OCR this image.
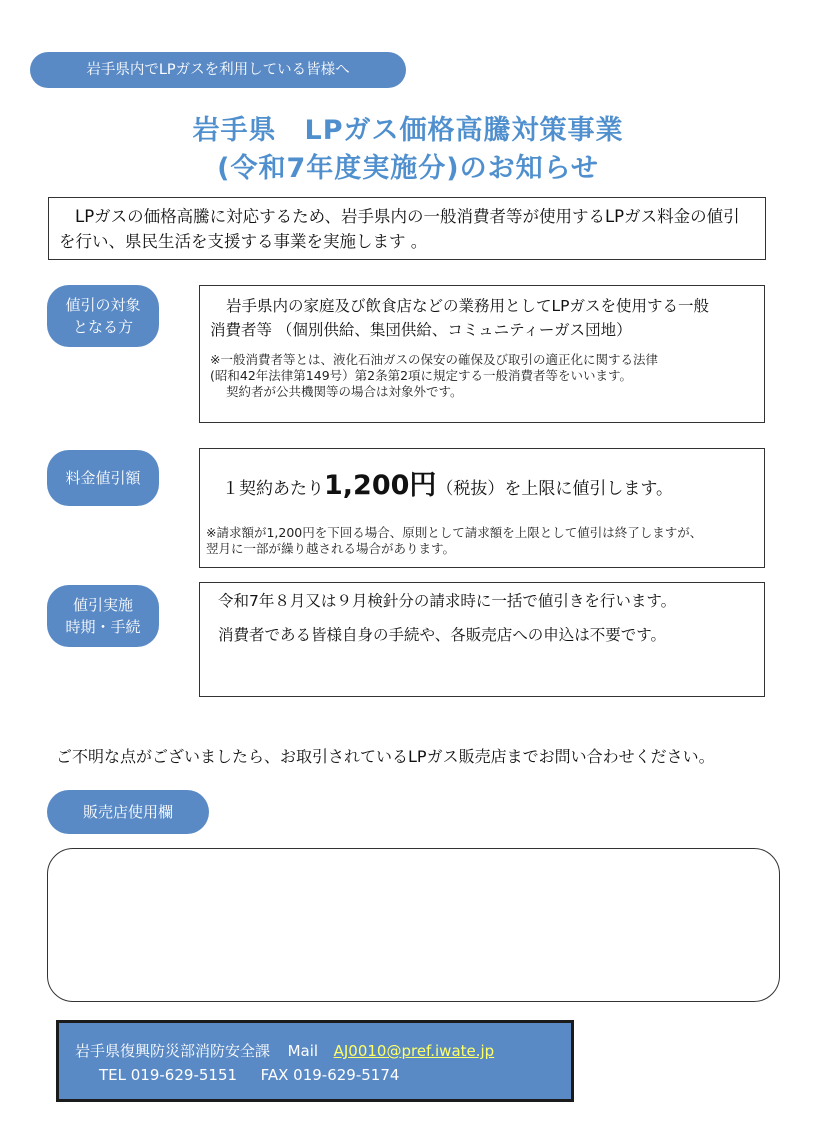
岩手県内でLPガスを利用している皆様へ
岩手県　LPガス価格高騰対策事業
(令和7年度実施分)のお知らせ
LPガスの価格高騰に対応するため、岩手県内の一般消費者等が使用するLPガス料金の値引を行い、県民生活を支援する事業を実施します 。
値引の対象
となる方
岩手県内の家庭及び飲食店などの業務用としてLPガスを使用する一般
消費者等 （個別供給、集団供給、コミュニティーガス団地）
※一般消費者等とは、液化石油ガスの保安の確保及び取引の適正化に関する法律
(昭和42年法律第149号）第2条第2項に規定する一般消費者等をいいます。
契約者が公共機関等の場合は対象外です。
料金値引額
１契約あたり1,200円（税抜）を上限に値引します。
※請求額が1,200円を下回る場合、原則として請求額を上限として値引は終了しますが、
翌月に一部が繰り越される場合があります。
値引実施
時期・手続
令和7年８月又は９月検針分の請求時に一括で値引きを行います。
消費者である皆様自身の手続や、各販売店への申込は不要です。
ご不明な点がございましたら、お取引されているLPガス販売店までお問い合わせください。
販売店使用欄
岩手県復興防災部消防安全課 Mail AJ0010@pref.iwate.jp
TEL 019-629-5151 FAX 019-629-5174
